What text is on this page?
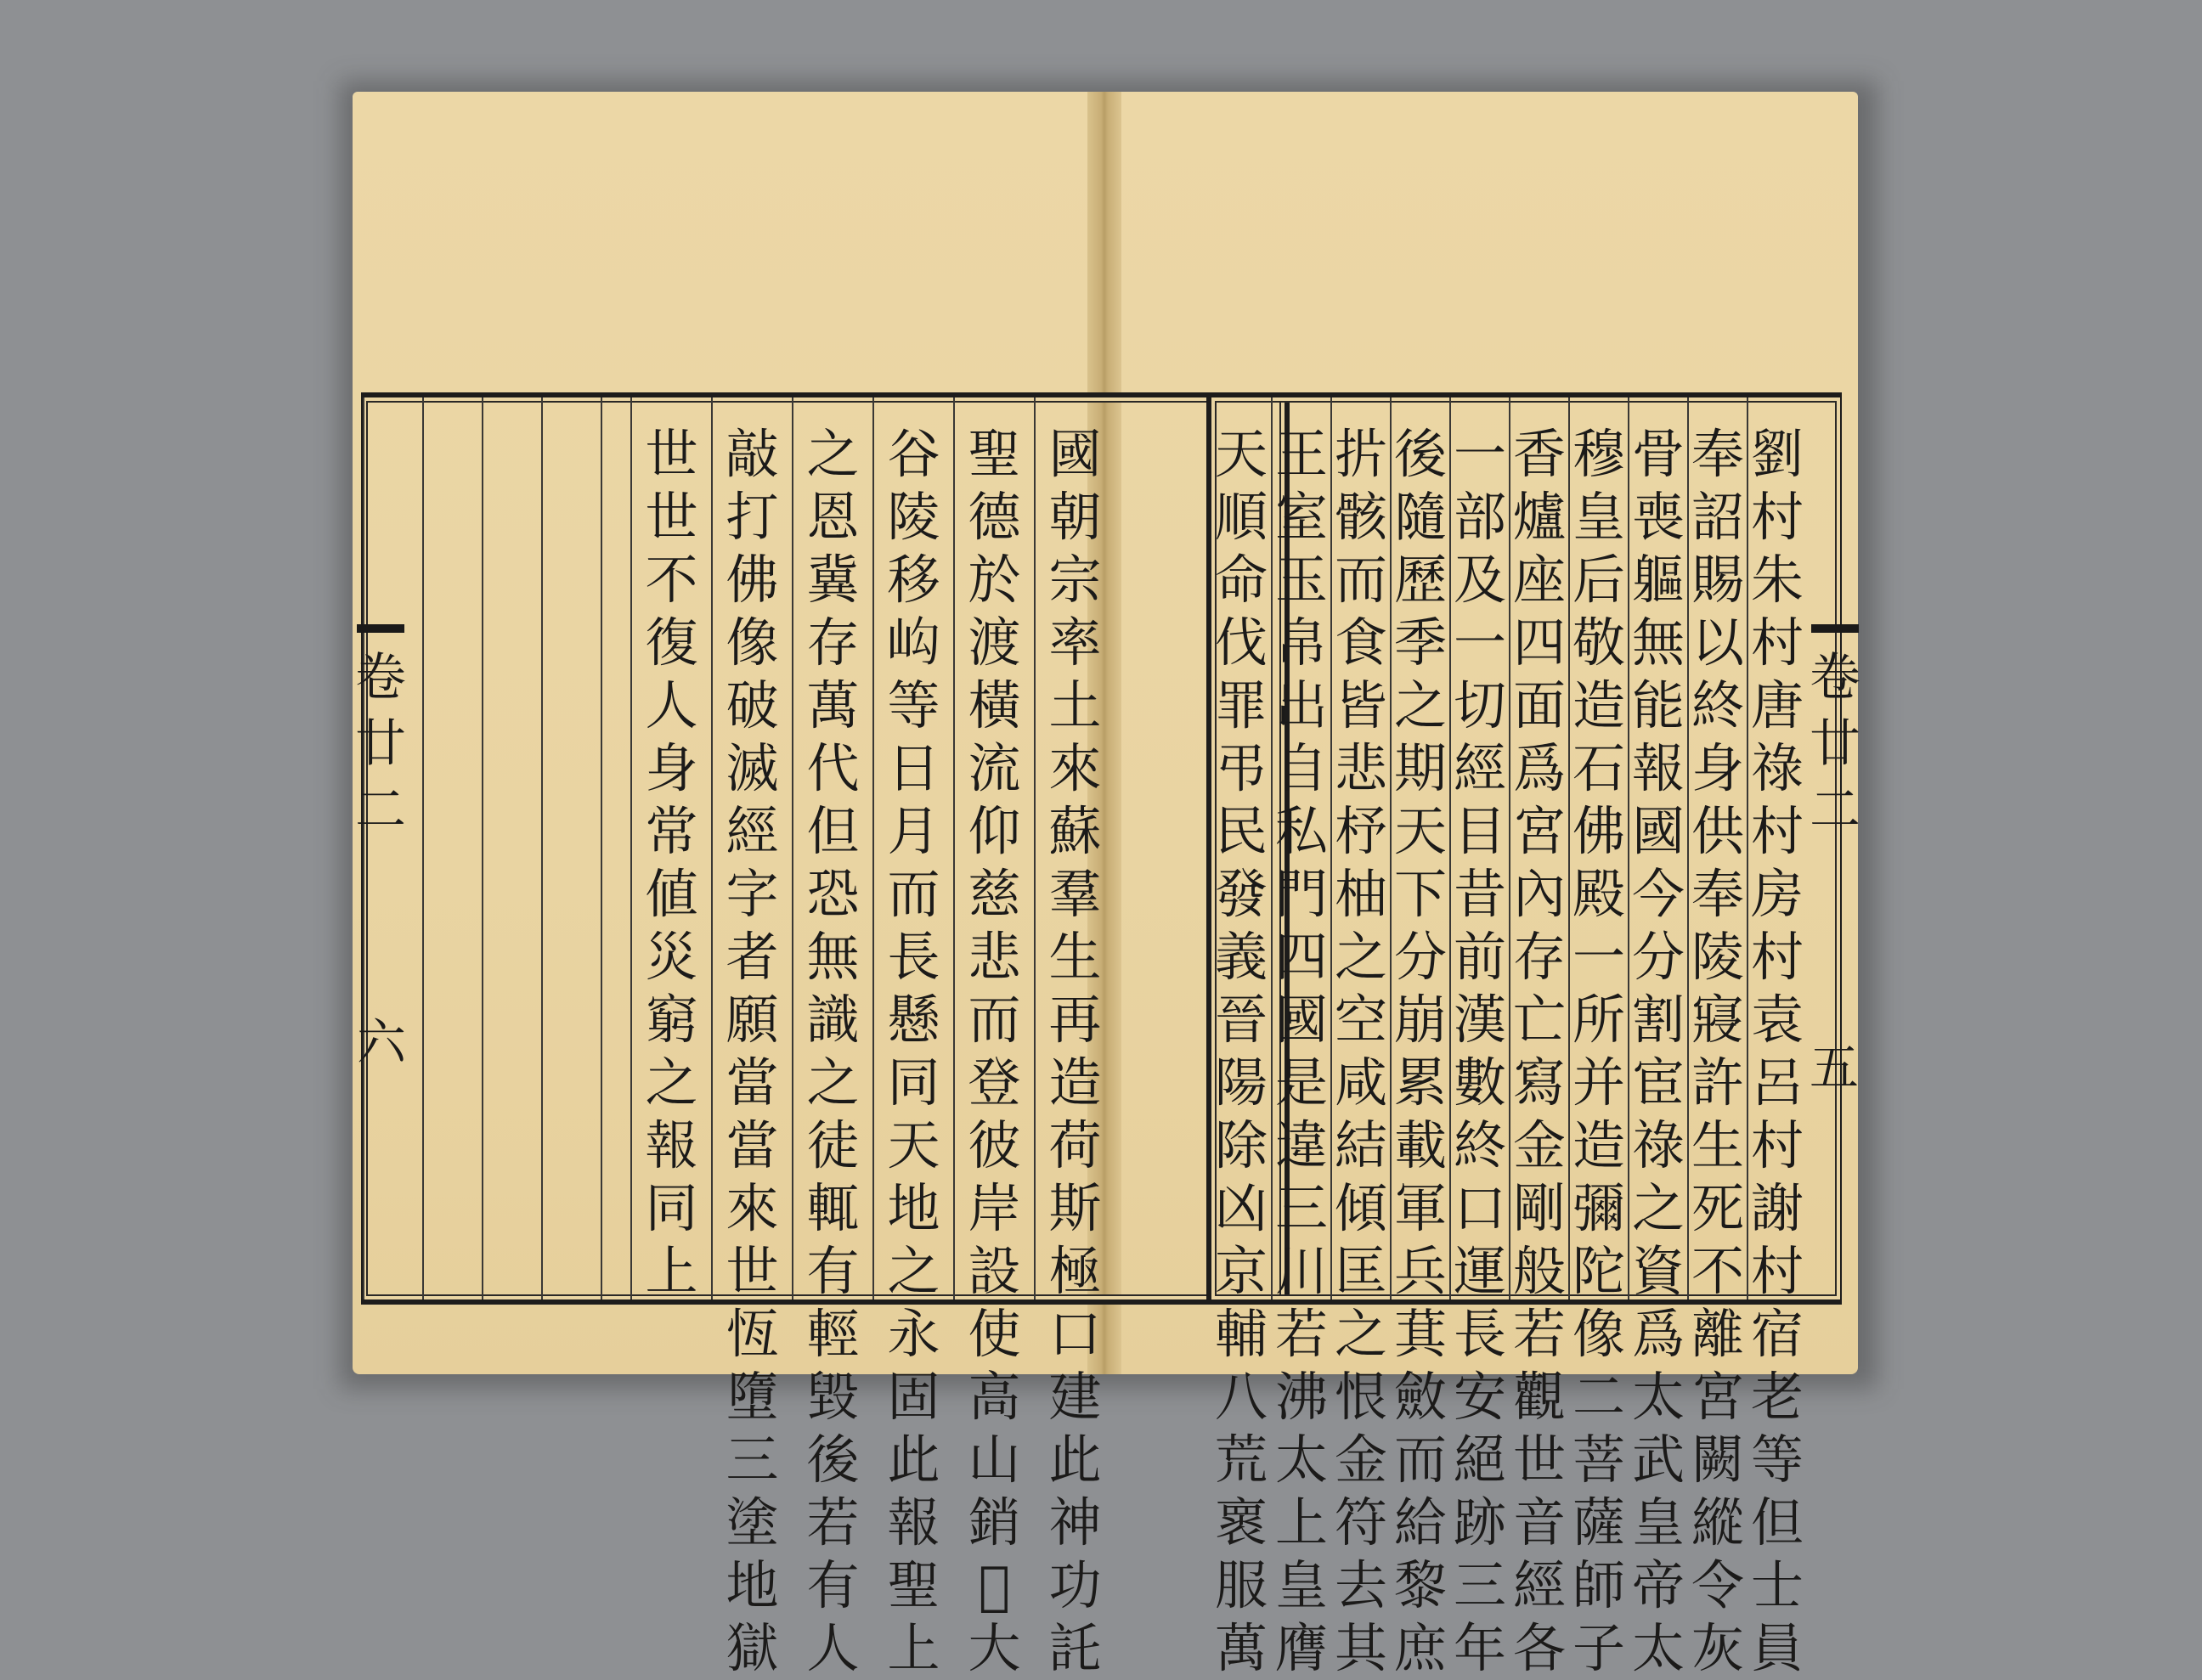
世
世
不
復
人
身
常
値
災
窮
之
報
同
上
敲
打
佛
像
破
滅
經
字
者
願
當
當
來
世
恆
墮
三
塗
地
獄
之
恩
冀
存
萬
代
但
恐
無
識
之
徒
輒
有
輕
毀
後
若
有
人
谷
陵
移
𡵺
等
日
月
而
長
懸
同
天
地
之
永
固
此
報
聖
上
聖
德
於
渡
橫
流
仰
慈
悲
而
登
彼
岸
設
使
高
山
銷
𤓰
大
國
朝
宗
率
土
來
蘇
羣
生
再
造
荷
斯
極
口
建
此
神
功
託
卷廿二
六
天
順
命
伐
罪
弔
民
發
義
晉
陽
除
凶
京
輔
八
荒
褱
服
萬
王
室
玉
帛
出
自
私
門
四
國
是
違
三
川
若
沸
太
上
皇
膺
扸
骸
而
食
皆
悲
杼
柚
之
空
咸
結
傾
匡
之
恨
金
符
去
其
後
隨
歷
季
之
期
天
下
分
崩
累
載
軍
兵
萁
斂
而
給
黎
庶
一
部
及
一
切
經
目
昔
前
漢
數
終
口
運
長
安
絕
跡
三
年
香
爐
座
四
面
爲
宮
內
存
亡
寫
金
剛
般
若
觀
世
音
經
各
穆
皇
后
敬
造
石
佛
殿
一
所
并
造
彌
陀
像
二
菩
薩
師
子
骨
喪
軀
無
能
報
國
今
分
割
宦
祿
之
資
爲
太
武
皇
帝
太
奉
詔
賜
以
終
身
供
奉
陵
寢
許
生
死
不
離
宮
闕
縱
令
灰
劉
村
朱
村
唐
祿
村
房
村
袁
呂
村
謝
村
宿
老
等
但
士
員
卷廿二
五
